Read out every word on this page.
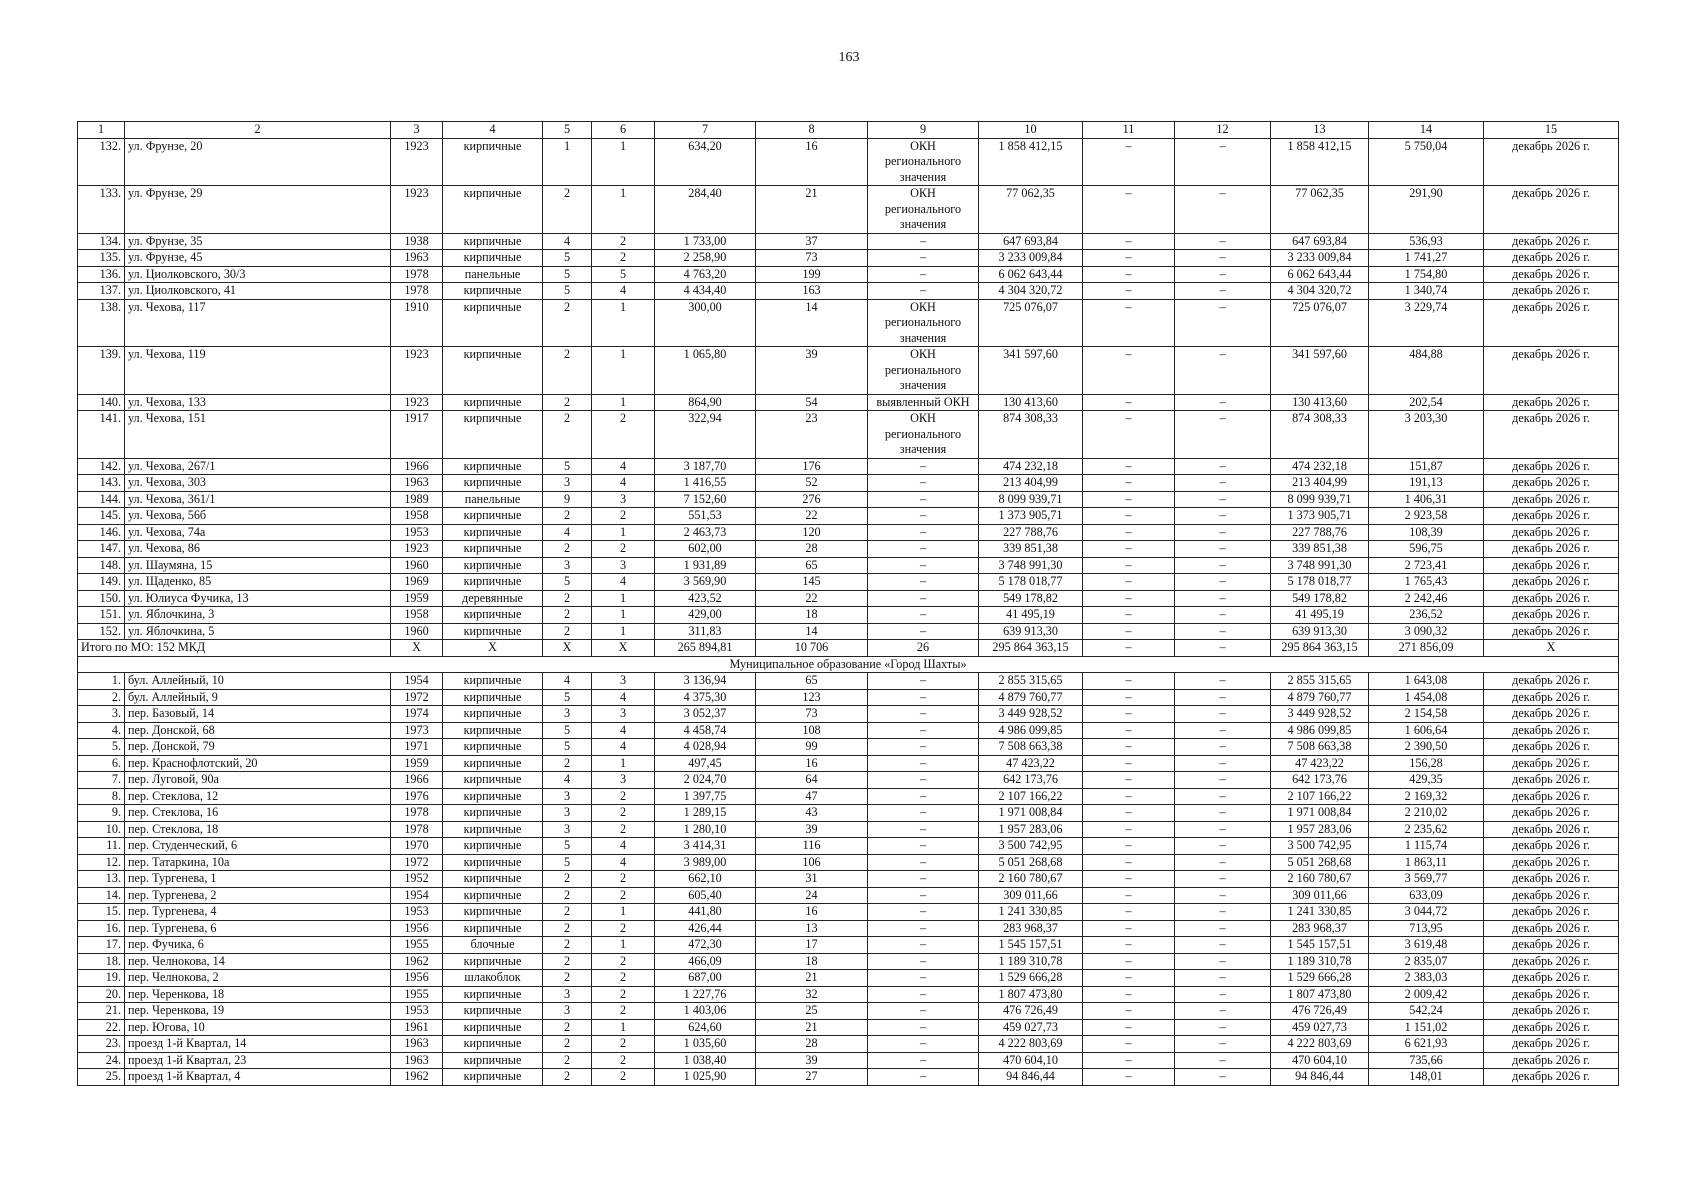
163
1	2	3	4	5	6	7	8	9	10	11	12	13	14	15
132.	ул. Фрунзе, 20	1923	кирпичные	1	1	634,20	16	ОКН регионального значения	1 858 412,15	–	–	1 858 412,15	5 750,04	декабрь 2026 г.
133.	ул. Фрунзе, 29	1923	кирпичные	2	1	284,40	21	ОКН регионального значения	77 062,35	–	–	77 062,35	291,90	декабрь 2026 г.
134.	ул. Фрунзе, 35	1938	кирпичные	4	2	1 733,00	37	–	647 693,84	–	–	647 693,84	536,93	декабрь 2026 г.
135.	ул. Фрунзе, 45	1963	кирпичные	5	2	2 258,90	73	–	3 233 009,84	–	–	3 233 009,84	1 741,27	декабрь 2026 г.
136.	ул. Циолковского, 30/3	1978	панельные	5	5	4 763,20	199	–	6 062 643,44	–	–	6 062 643,44	1 754,80	декабрь 2026 г.
137.	ул. Циолковского, 41	1978	кирпичные	5	4	4 434,40	163	–	4 304 320,72	–	–	4 304 320,72	1 340,74	декабрь 2026 г.
138.	ул. Чехова, 117	1910	кирпичные	2	1	300,00	14	ОКН регионального значения	725 076,07	–	–	725 076,07	3 229,74	декабрь 2026 г.
139.	ул. Чехова, 119	1923	кирпичные	2	1	1 065,80	39	ОКН регионального значения	341 597,60	–	–	341 597,60	484,88	декабрь 2026 г.
140.	ул. Чехова, 133	1923	кирпичные	2	1	864,90	54	выявленный ОКН	130 413,60	–	–	130 413,60	202,54	декабрь 2026 г.
141.	ул. Чехова, 151	1917	кирпичные	2	2	322,94	23	ОКН регионального значения	874 308,33	–	–	874 308,33	3 203,30	декабрь 2026 г.
142.	ул. Чехова, 267/1	1966	кирпичные	5	4	3 187,70	176	–	474 232,18	–	–	474 232,18	151,87	декабрь 2026 г.
143.	ул. Чехова, 303	1963	кирпичные	3	4	1 416,55	52	–	213 404,99	–	–	213 404,99	191,13	декабрь 2026 г.
144.	ул. Чехова, 361/1	1989	панельные	9	3	7 152,60	276	–	8 099 939,71	–	–	8 099 939,71	1 406,31	декабрь 2026 г.
145.	ул. Чехова, 56б	1958	кирпичные	2	2	551,53	22	–	1 373 905,71	–	–	1 373 905,71	2 923,58	декабрь 2026 г.
146.	ул. Чехова, 74а	1953	кирпичные	4	1	2 463,73	120	–	227 788,76	–	–	227 788,76	108,39	декабрь 2026 г.
147.	ул. Чехова, 86	1923	кирпичные	2	2	602,00	28	–	339 851,38	–	–	339 851,38	596,75	декабрь 2026 г.
148.	ул. Шаумяна, 15	1960	кирпичные	3	3	1 931,89	65	–	3 748 991,30	–	–	3 748 991,30	2 723,41	декабрь 2026 г.
149.	ул. Щаденко, 85	1969	кирпичные	5	4	3 569,90	145	–	5 178 018,77	–	–	5 178 018,77	1 765,43	декабрь 2026 г.
150.	ул. Юлиуса Фучика, 13	1959	деревянные	2	1	423,52	22	–	549 178,82	–	–	549 178,82	2 242,46	декабрь 2026 г.
151.	ул. Яблочкина, 3	1958	кирпичные	2	1	429,00	18	–	41 495,19	–	–	41 495,19	236,52	декабрь 2026 г.
152.	ул. Яблочкина, 5	1960	кирпичные	2	1	311,83	14	–	639 913,30	–	–	639 913,30	3 090,32	декабрь 2026 г.
Итого по МО: 152 МКД		X	X	X	X	265 894,81	10 706	26	295 864 363,15	–	–	295 864 363,15	271 856,09	X
Муниципальное образование «Город Шахты»														
1.	бул. Аллейный, 10	1954	кирпичные	4	3	3 136,94	65	–	2 855 315,65	–	–	2 855 315,65	1 643,08	декабрь 2026 г.
2.	бул. Аллейный, 9	1972	кирпичные	5	4	4 375,30	123	–	4 879 760,77	–	–	4 879 760,77	1 454,08	декабрь 2026 г.
3.	пер. Базовый, 14	1974	кирпичные	3	3	3 052,37	73	–	3 449 928,52	–	–	3 449 928,52	2 154,58	декабрь 2026 г.
4.	пер. Донской, 68	1973	кирпичные	5	4	4 458,74	108	–	4 986 099,85	–	–	4 986 099,85	1 606,64	декабрь 2026 г.
5.	пер. Донской, 79	1971	кирпичные	5	4	4 028,94	99	–	7 508 663,38	–	–	7 508 663,38	2 390,50	декабрь 2026 г.
6.	пер. Краснофлотский, 20	1959	кирпичные	2	1	497,45	16	–	47 423,22	–	–	47 423,22	156,28	декабрь 2026 г.
7.	пер. Луговой, 90а	1966	кирпичные	4	3	2 024,70	64	–	642 173,76	–	–	642 173,76	429,35	декабрь 2026 г.
8.	пер. Стеклова, 12	1976	кирпичные	3	2	1 397,75	47	–	2 107 166,22	–	–	2 107 166,22	2 169,32	декабрь 2026 г.
9.	пер. Стеклова, 16	1978	кирпичные	3	2	1 289,15	43	–	1 971 008,84	–	–	1 971 008,84	2 210,02	декабрь 2026 г.
10.	пер. Стеклова, 18	1978	кирпичные	3	2	1 280,10	39	–	1 957 283,06	–	–	1 957 283,06	2 235,62	декабрь 2026 г.
11.	пер. Студенческий, 6	1970	кирпичные	5	4	3 414,31	116	–	3 500 742,95	–	–	3 500 742,95	1 115,74	декабрь 2026 г.
12.	пер. Татаркина, 10а	1972	кирпичные	5	4	3 989,00	106	–	5 051 268,68	–	–	5 051 268,68	1 863,11	декабрь 2026 г.
13.	пер. Тургенева, 1	1952	кирпичные	2	2	662,10	31	–	2 160 780,67	–	–	2 160 780,67	3 569,77	декабрь 2026 г.
14.	пер. Тургенева, 2	1954	кирпичные	2	2	605,40	24	–	309 011,66	–	–	309 011,66	633,09	декабрь 2026 г.
15.	пер. Тургенева, 4	1953	кирпичные	2	1	441,80	16	–	1 241 330,85	–	–	1 241 330,85	3 044,72	декабрь 2026 г.
16.	пер. Тургенева, 6	1956	кирпичные	2	2	426,44	13	–	283 968,37	–	–	283 968,37	713,95	декабрь 2026 г.
17.	пер. Фучика, 6	1955	блочные	2	1	472,30	17	–	1 545 157,51	–	–	1 545 157,51	3 619,48	декабрь 2026 г.
18.	пер. Челнокова, 14	1962	кирпичные	2	2	466,09	18	–	1 189 310,78	–	–	1 189 310,78	2 835,07	декабрь 2026 г.
19.	пер. Челнокова, 2	1956	шлакоблок	2	2	687,00	21	–	1 529 666,28	–	–	1 529 666,28	2 383,03	декабрь 2026 г.
20.	пер. Черенкова, 18	1955	кирпичные	3	2	1 227,76	32	–	1 807 473,80	–	–	1 807 473,80	2 009,42	декабрь 2026 г.
21.	пер. Черенкова, 19	1953	кирпичные	3	2	1 403,06	25	–	476 726,49	–	–	476 726,49	542,24	декабрь 2026 г.
22.	пер. Югова, 10	1961	кирпичные	2	1	624,60	21	–	459 027,73	–	–	459 027,73	1 151,02	декабрь 2026 г.
23.	проезд 1-й Квартал, 14	1963	кирпичные	2	2	1 035,60	28	–	4 222 803,69	–	–	4 222 803,69	6 621,93	декабрь 2026 г.
24.	проезд 1-й Квартал, 23	1963	кирпичные	2	2	1 038,40	39	–	470 604,10	–	–	470 604,10	735,66	декабрь 2026 г.
25.	проезд 1-й Квартал, 4	1962	кирпичные	2	2	1 025,90	27	–	94 846,44	–	–	94 846,44	148,01	декабрь 2026 г.
